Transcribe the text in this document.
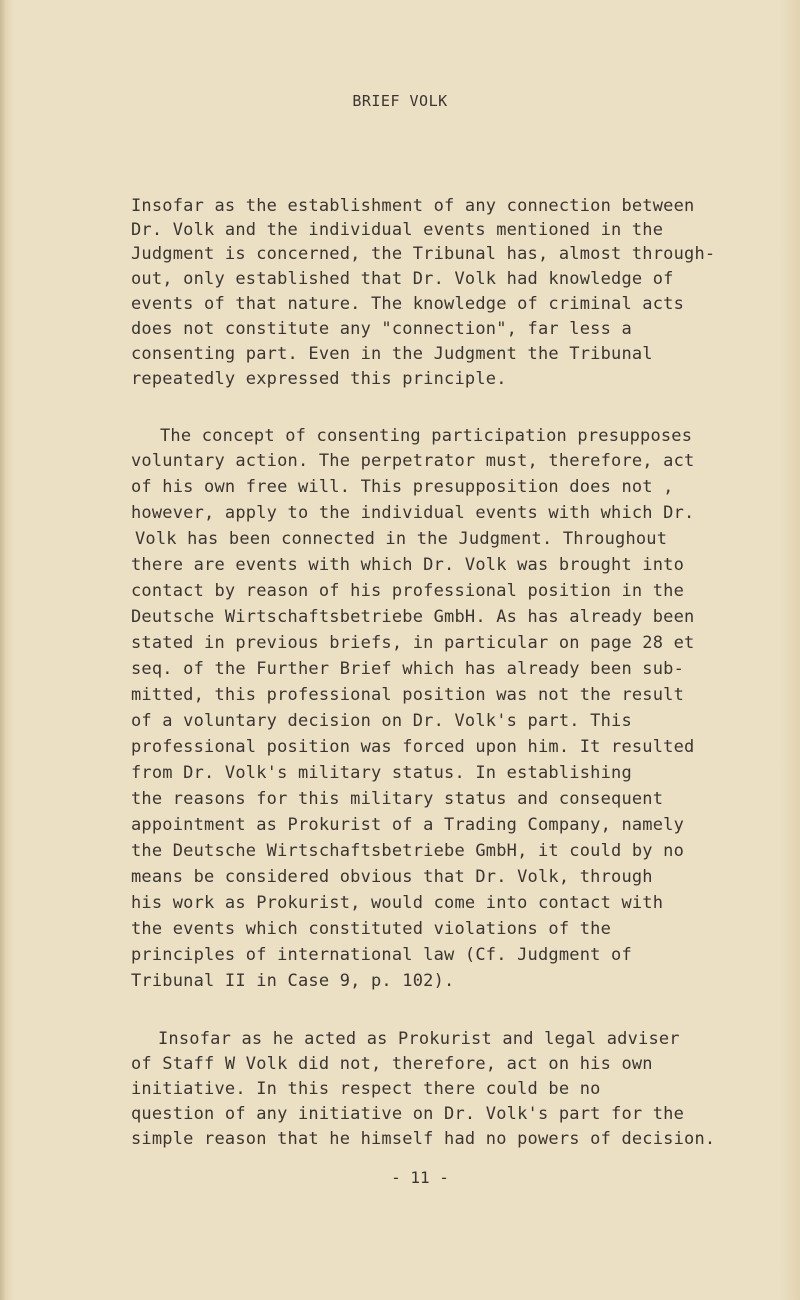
BRIEF VOLK
Insofar as the establishment of any connection between
Dr. Volk and the individual events mentioned in the
Judgment is concerned, the Tribunal has, almost through-
out, only established that Dr. Volk had knowledge of
events of that nature. The knowledge of criminal acts
does not constitute any "connection", far less a
consenting part. Even in the Judgment the Tribunal
repeatedly expressed this principle.
The concept of consenting participation presupposes
voluntary action. The perpetrator must, therefore, act
of his own free will. This presupposition does not ,
however, apply to the individual events with which Dr.
Volk has been connected in the Judgment. Throughout
there are events with which Dr. Volk was brought into
contact by reason of his professional position in the
Deutsche Wirtschaftsbetriebe GmbH. As has already been
stated in previous briefs, in particular on page 28 et
seq. of the Further Brief which has already been sub-
mitted, this professional position was not the result
of a voluntary decision on Dr. Volk's part. This
professional position was forced upon him. It resulted
from Dr. Volk's military status. In establishing
the reasons for this military status and consequent
appointment as Prokurist of a Trading Company, namely
the Deutsche Wirtschaftsbetriebe GmbH, it could by no
means be considered obvious that Dr. Volk, through
his work as Prokurist, would come into contact with
the events which constituted violations of the
principles of international law (Cf. Judgment of
Tribunal II in Case 9, p. 102).
Insofar as he acted as Prokurist and legal adviser
of Staff W Volk did not, therefore, act on his own
initiative. In this respect there could be no
question of any initiative on Dr. Volk's part for the
simple reason that he himself had no powers of decision.
- 11 -
